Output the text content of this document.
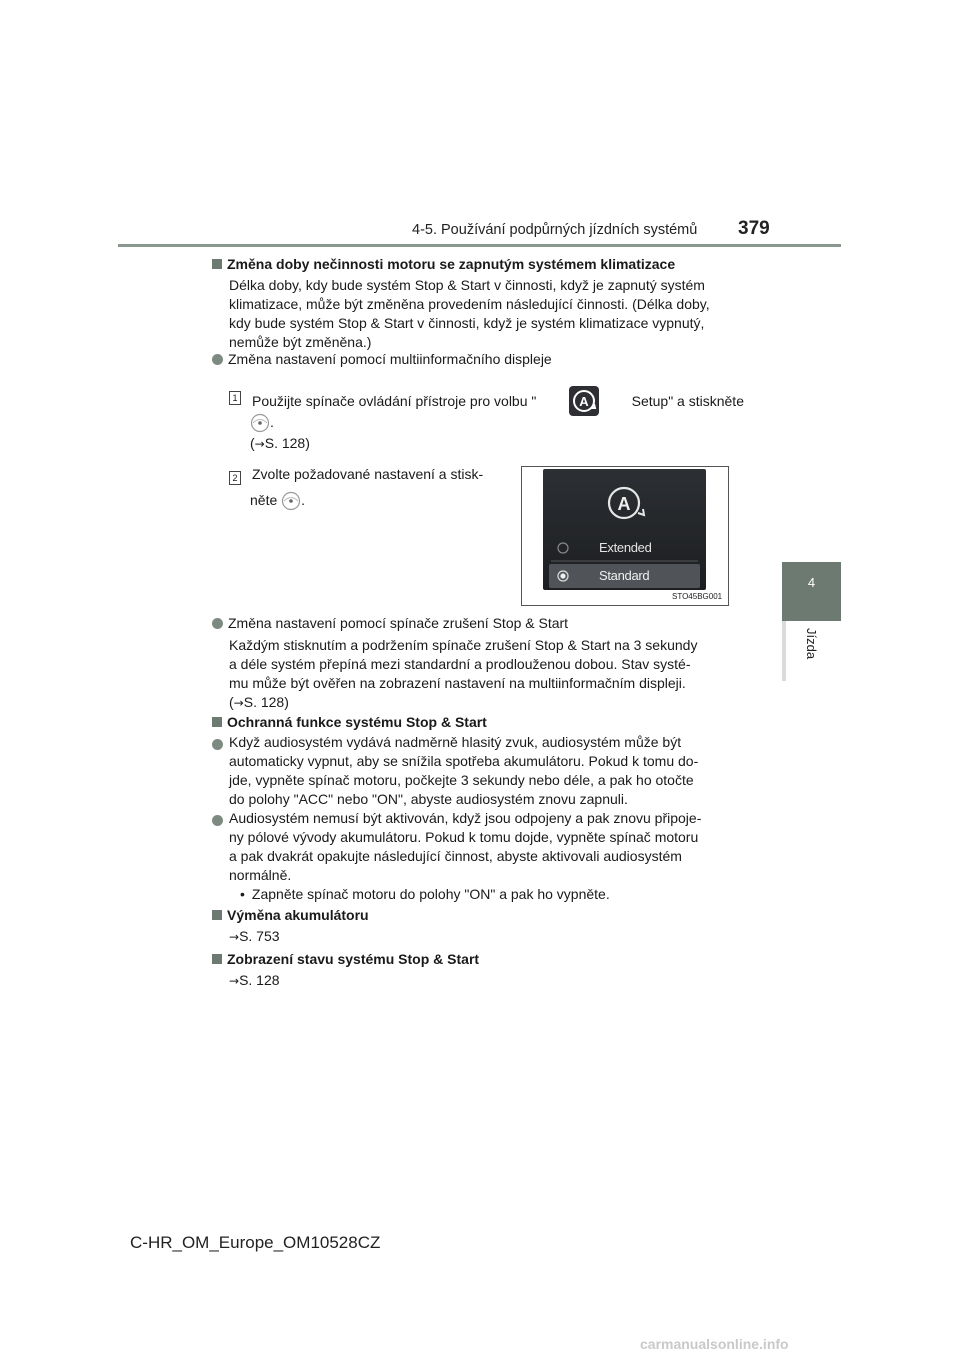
4-5. Používání podpůrných jízdních systémů 379
4
Jízda
Změna doby nečinnosti motoru se zapnutým systémem klimatizace
Délka doby, kdy bude systém Stop & Start v činnosti, když je zapnutý systém
klimatizace, může být změněna provedením následující činnosti. (Délka doby,
kdy bude systém Stop & Start v činnosti, když je systém klimatizace vypnutý,
nemůže být změněna.)
Změna nastavení pomocí multiinformačního displeje
1 Použijte spínače ovládání přístroje pro volbu "	A	Setup" a stiskněte
.
(→S. 128)
2 Zvolte požadované nastavení a stisk-
něte .	A
Extended
Standard
STO45BG001
Změna nastavení pomocí spínače zrušení Stop & Start
Každým stisknutím a podržením spínače zrušení Stop & Start na 3 sekundy
a déle systém přepíná mezi standardní a prodlouženou dobou. Stav systé-
mu může být ověřen na zobrazení nastavení na multiinformačním displeji.
(→S. 128)
Ochranná funkce systému Stop & Start
Když audiosystém vydává nadměrně hlasitý zvuk, audiosystém může být
automaticky vypnut, aby se snížila spotřeba akumulátoru. Pokud k tomu do-
jde, vypněte spínač motoru, počkejte 3 sekundy nebo déle, a pak ho otočte
do polohy "ACC" nebo "ON", abyste audiosystém znovu zapnuli.
Audiosystém nemusí být aktivován, když jsou odpojeny a pak znovu připoje-
ny pólové vývody akumulátoru. Pokud k tomu dojde, vypněte spínač motoru
a pak dvakrát opakujte následující činnost, abyste aktivovali audiosystém
normálně.
• Zapněte spínač motoru do polohy "ON" a pak ho vypněte.
Výměna akumulátoru
→S. 753
Zobrazení stavu systému Stop & Start
→S. 128
C-HR_OM_Europe_OM10528CZ
carmanualsonline.info
